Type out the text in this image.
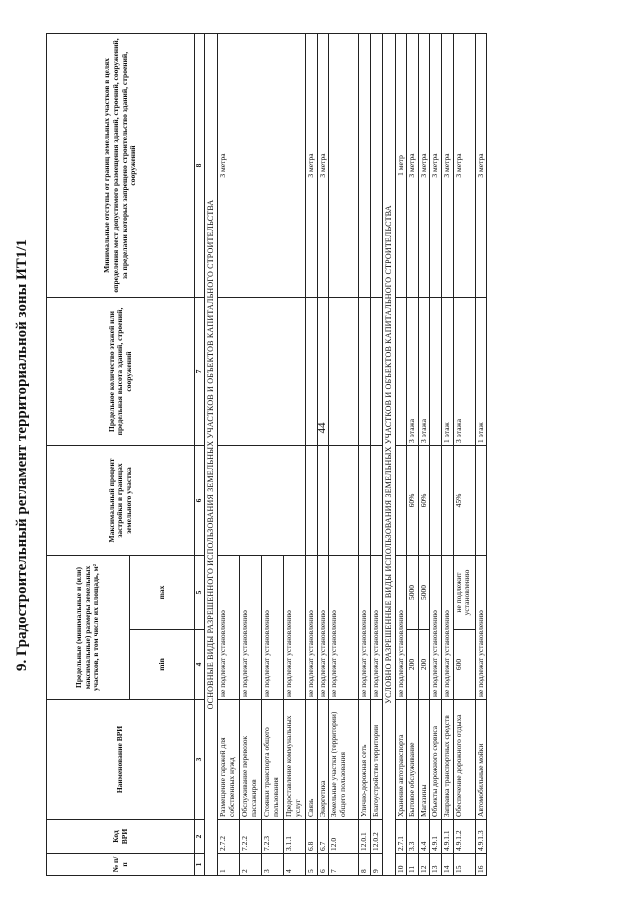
44
9. Градостроительный регламент территориальной зоны ИТ1/1
№ п/п	Код ВРИ	Наименование ВРИ	Предельные (минимальные и (или) максимальные) размеры земельных участков, в том числе их площадь, м²		Максимальный процент застройки в границах земельного участка	Предельное количество этажей или предельная высота зданий, строений, сооружений	Минимальные отступы от границ земельных участков в целях определения мест допустимого размещения зданий, строений, сооружений, за пределами которых запрещено строительство зданий, строений, сооружений
			min	max			
1	2	3	4	5	6	7	8
ОСНОВНЫЕ ВИДЫ РАЗРЕШЕННОГО ИСПОЛЬЗОВАНИЯ ЗЕМЕЛЬНЫХ УЧАСТКОВ И ОБЪЕКТОВ КАПИТАЛЬНОГО СТРОИТЕЛЬСТВА							
1	2.7.2	Размещение гаражей для собственных нужд	не подлежат установлению				3 метра
2	7.2.2	Обслуживание перевозок пассажиров	не подлежат установлению				
3	7.2.3	Стоянки транспорта общего пользования	не подлежат установлению				
4	3.1.1	Предоставление коммунальных услуг	не подлежат установлению				
5	6.8	Связь	не подлежат установлению				3 метра
6	6.7	Энергетика	не подлежат установлению				3 метра
7	12.0	Земельные участки (территории) общего пользования	не подлежат установлению				
8	12.0.1	Улично-дорожная сеть	не подлежат установлению				
9	12.0.2	Благоустройство территории	не подлежат установлению				
УСЛОВНО РАЗРЕШЕННЫЕ ВИДЫ ИСПОЛЬЗОВАНИЯ ЗЕМЕЛЬНЫХ УЧАСТКОВ И ОБЪЕКТОВ КАПИТАЛЬНОГО СТРОИТЕЛЬСТВА							
10	2.7.1	Хранение автотранспорта	не подлежат установлению				1 метр
11	3.3	Бытовое обслуживание	200	5000	60%	3 этажа	3 метра
12	4.4	Магазины	200	5000	60%	3 этажа	3 метра
13	4.9.1	Объекты дорожного сервиса	не подлежат установлению				3 метра
14	4.9.1.1	Заправка транспортных средств	не подлежат установлению			1 этаж	3 метра
15	4.9.1.2	Обеспечение дорожного отдыха	600	не подлежит установлению	45%	3 этажа	3 метра
16	4.9.1.3	Автомобильные мойки	не подлежат установлению			1 этаж	3 метра
